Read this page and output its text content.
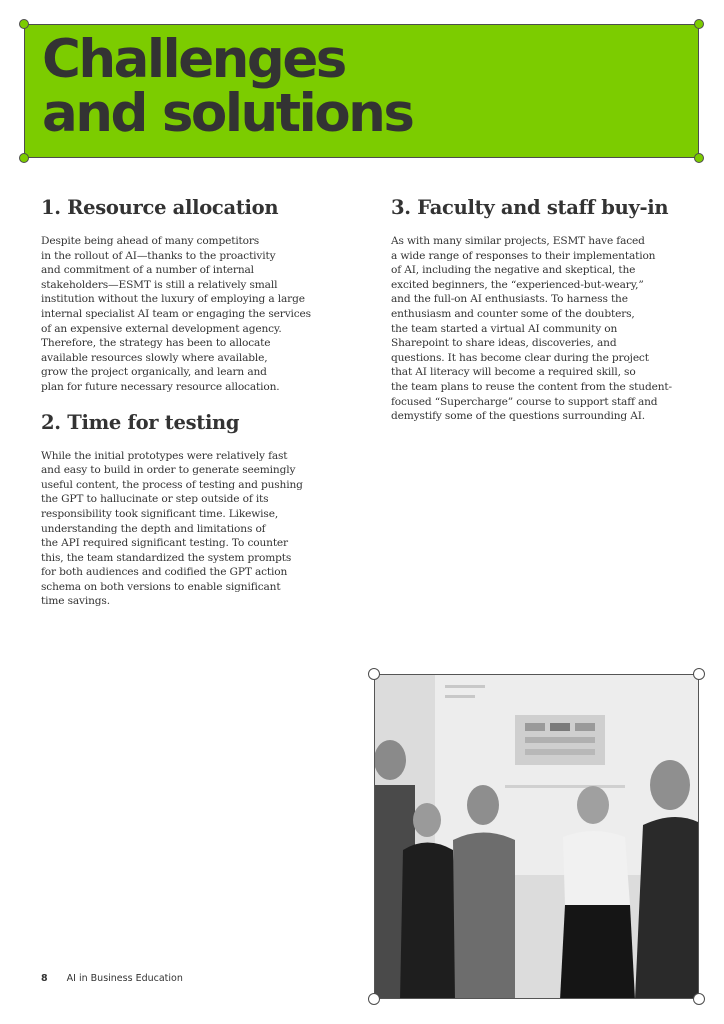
Challenges
and solutions
1. Resource allocation

Despite being ahead of many competitors
in the rollout of AI—thanks to the proactivity
and commitment of a number of internal
stakeholders—ESMT is still a relatively small
institution without the luxury of employing a large
internal specialist AI team or engaging the services
of an expensive external development agency.
Therefore, the strategy has been to allocate
available resources slowly where available,
grow the project organically, and learn and
plan for future necessary resource allocation.

2. Time for testing

While the initial prototypes were relatively fast
and easy to build in order to generate seemingly
useful content, the process of testing and pushing
the GPT to hallucinate or step outside of its
responsibility took significant time. Likewise,
understanding the depth and limitations of
the API required significant testing. To counter
this, the team standardized the system prompts
for both audiences and codified the GPT action
schema on both versions to enable significant
time savings.

3. Faculty and staff buy-in

As with many similar projects, ESMT have faced
a wide range of responses to their implementation
of AI, including the negative and skeptical, the
excited beginners, the “experienced-but-weary,”
and the full-on AI enthusiasts. To harness the
enthusiasm and counter some of the doubters,
the team started a virtual AI community on
Sharepoint to share ideas, discoveries, and
questions. It has become clear during the project
that AI literacy will become a required skill, so
the team plans to reuse the content from the student-
focused “Supercharge” course to support staff and
demystify some of the questions surrounding AI.

8 AI in Business Education
